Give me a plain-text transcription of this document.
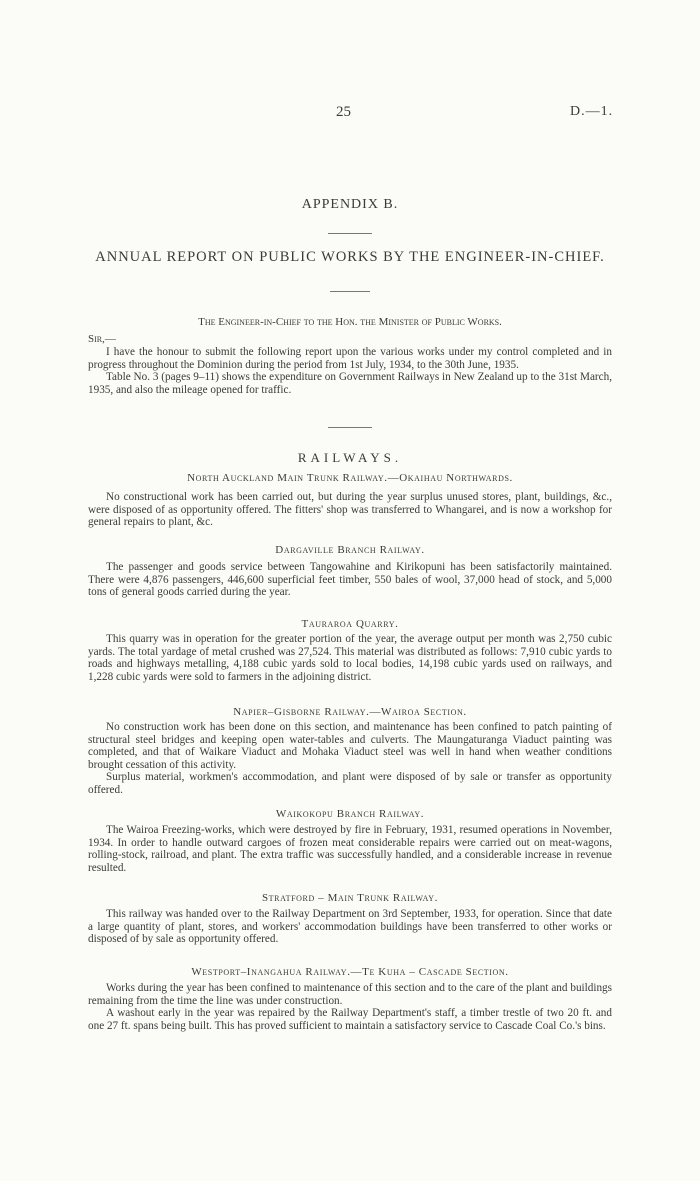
25	D.—1.
APPENDIX B.
ANNUAL REPORT ON PUBLIC WORKS BY THE ENGINEER-IN-CHIEF.
The Engineer-in-Chief to the Hon. the Minister of Public Works.
Sir,—

I have the honour to submit the following report upon the various works under my control completed and in progress throughout the Dominion during the period from 1st July, 1934, to the 30th June, 1935.

Table No. 3 (pages 9–11) shows the expenditure on Government Railways in New Zealand up to the 31st March, 1935, and also the mileage opened for traffic.

RAILWAYS.
North Auckland Main Trunk Railway.—Okaihau Northwards.

No constructional work has been carried out, but during the year surplus unused stores, plant, buildings, &c., were disposed of as opportunity offered. The fitters' shop was transferred to Whangarei, and is now a workshop for general repairs to plant, &c.

Dargaville Branch Railway.

The passenger and goods service between Tangowahine and Kirikopuni has been satisfactorily maintained. There were 4,876 passengers, 446,600 superficial feet timber, 550 bales of wool, 37,000 head of stock, and 5,000 tons of general goods carried during the year.

Tauraroa Quarry.

This quarry was in operation for the greater portion of the year, the average output per month was 2,750 cubic yards. The total yardage of metal crushed was 27,524. This material was distributed as follows: 7,910 cubic yards to roads and highways metalling, 4,188 cubic yards sold to local bodies, 14,198 cubic yards used on railways, and 1,228 cubic yards were sold to farmers in the adjoining district.

Napier–Gisborne Railway.—Wairoa Section.

No construction work has been done on this section, and maintenance has been confined to patch painting of structural steel bridges and keeping open water-tables and culverts. The Maungaturanga Viaduct painting was completed, and that of Waikare Viaduct and Mohaka Viaduct steel was well in hand when weather conditions brought cessation of this activity.

Surplus material, workmen's accommodation, and plant were disposed of by sale or transfer as opportunity offered.

Waikokopu Branch Railway.

The Wairoa Freezing-works, which were destroyed by fire in February, 1931, resumed operations in November, 1934. In order to handle outward cargoes of frozen meat considerable repairs were carried out on meat-wagons, rolling-stock, railroad, and plant. The extra traffic was successfully handled, and a considerable increase in revenue resulted.

Stratford – Main Trunk Railway.

This railway was handed over to the Railway Department on 3rd September, 1933, for operation. Since that date a large quantity of plant, stores, and workers' accommodation buildings have been transferred to other works or disposed of by sale as opportunity offered.

Westport–Inangahua Railway.—Te Kuha – Cascade Section.

Works during the year has been confined to maintenance of this section and to the care of the plant and buildings remaining from the time the line was under construction.

A washout early in the year was repaired by the Railway Department's staff, a timber trestle of two 20 ft. and one 27 ft. spans being built. This has proved sufficient to maintain a satisfactory service to Cascade Coal Co.'s bins.
